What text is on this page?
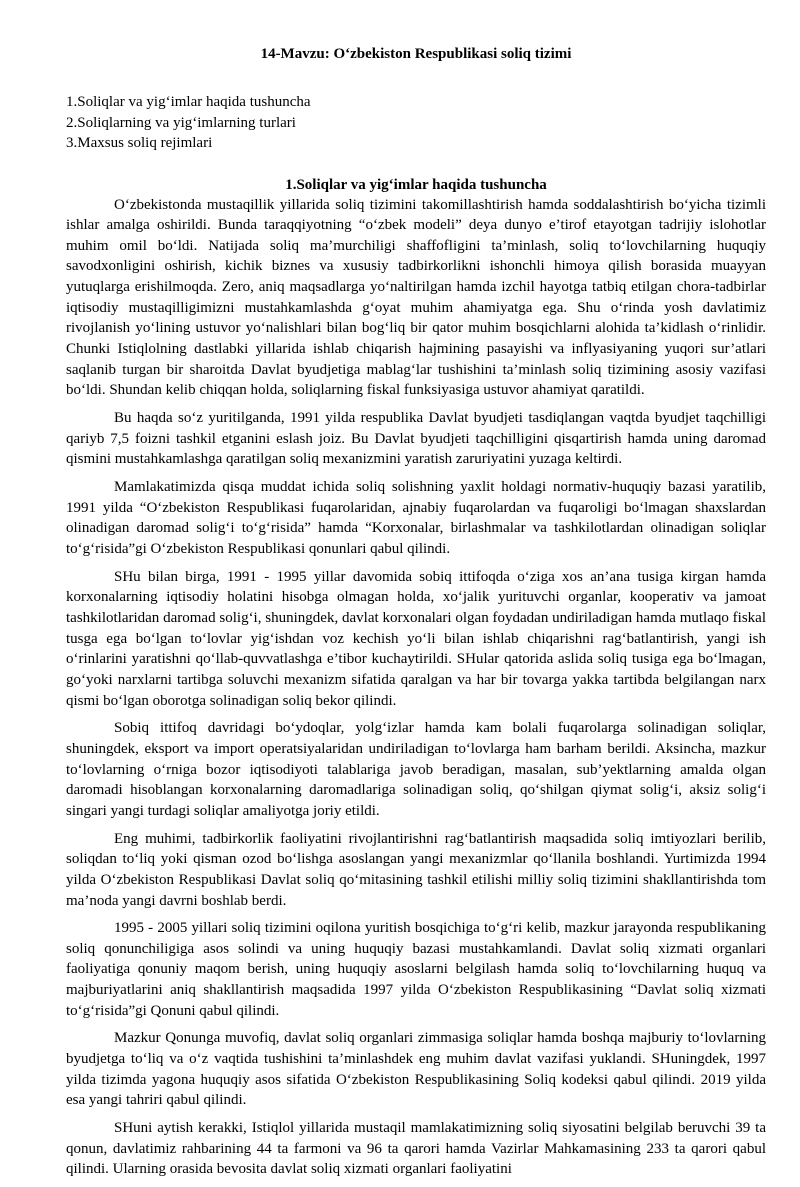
14-Mavzu: O‘zbekiston Respublikasi soliq tizimi
1.Soliqlar va yig‘imlar haqida tushuncha
2.Soliqlarning va yig‘imlarning turlari
3.Maxsus soliq rejimlari
1.Soliqlar va yig‘imlar haqida tushuncha

O‘zbekistonda mustaqillik yillarida soliq tizimini takomillashtirish hamda soddalashtirish bo‘yicha tizimli ishlar amalga oshirildi. Bunda taraqqiyotning “o‘zbek modeli” deya dunyo e’tirof etayotgan tadrijiy islohotlar muhim omil bo‘ldi. Natijada soliq ma’murchiligi shaffofligini ta’minlash, soliq to‘lovchilarning huquqiy savodxonligini oshirish, kichik biznes va xususiy tadbirkorlikni ishonchli himoya qilish borasida muayyan yutuqlarga erishilmoqda. Zero, aniq maqsadlarga yo‘naltirilgan hamda izchil hayotga tatbiq etilgan chora-tadbirlar iqtisodiy mustaqilligimizni mustahkamlashda g‘oyat muhim ahamiyatga ega. Shu o‘rinda yosh davlatimiz rivojlanish yo‘lining ustuvor yo‘nalishlari bilan bog‘liq bir qator muhim bosqichlarni alohida ta’kidlash o‘rinlidir. Chunki Istiqlolning dastlabki yillarida ishlab chiqarish hajmining pasayishi va inflyasiyaning yuqori sur’atlari saqlanib turgan bir sharoitda Davlat byudjetiga mablag‘lar tushishini ta’minlash soliq tizimining asosiy vazifasi bo‘ldi. Shundan kelib chiqqan holda, soliqlarning fiskal funksiyasiga ustuvor ahamiyat qaratildi.

Bu haqda so‘z yuritilganda, 1991 yilda respublika Davlat byudjeti tasdiqlangan vaqtda byudjet taqchilligi qariyb 7,5 foizni tashkil etganini eslash joiz. Bu Davlat byudjeti taqchilligini qisqartirish hamda uning daromad qismini mustahkamlashga qaratilgan soliq mexanizmini yaratish zaruriyatini yuzaga keltirdi.

Mamlakatimizda qisqa muddat ichida soliq solishning yaxlit holdagi normativ-huquqiy bazasi yaratilib, 1991 yilda “O‘zbekiston Respublikasi fuqarolaridan, ajnabiy fuqarolardan va fuqaroligi bo‘lmagan shaxslardan olinadigan daromad solig‘i to‘g‘risida” hamda “Korxonalar, birlashmalar va tashkilotlardan olinadigan soliqlar to‘g‘risida”gi O‘zbekiston Respublikasi qonunlari qabul qilindi.

SHu bilan birga, 1991 - 1995 yillar davomida sobiq ittifoqda o‘ziga xos an’ana tusiga kirgan hamda korxonalarning iqtisodiy holatini hisobga olmagan holda, xo‘jalik yurituvchi organlar, kooperativ va jamoat tashkilotlaridan daromad solig‘i, shuningdek, davlat korxonalari olgan foydadan undiriladigan hamda mutlaqo fiskal tusga ega bo‘lgan to‘lovlar yig‘ishdan voz kechish yo‘li bilan ishlab chiqarishni rag‘batlantirish, yangi ish o‘rinlarini yaratishni qo‘llab-quvvatlashga e’tibor kuchaytirildi. SHular qatorida aslida soliq tusiga ega bo‘lmagan, go‘yoki narxlarni tartibga soluvchi mexanizm sifatida qaralgan va har bir tovarga yakka tartibda belgilangan narx qismi bo‘lgan oborotga solinadigan soliq bekor qilindi.

Sobiq ittifoq davridagi bo‘ydoqlar, yolg‘izlar hamda kam bolali fuqarolarga solinadigan soliqlar, shuningdek, eksport va import operatsiyalaridan undiriladigan to‘lovlarga ham barham berildi. Aksincha, mazkur to‘lovlarning o‘rniga bozor iqtisodiyoti talablariga javob beradigan, masalan, sub’yektlarning amalda olgan daromadi hisoblangan korxonalarning daromadlariga solinadigan soliq, qo‘shilgan qiymat solig‘i, aksiz solig‘i singari yangi turdagi soliqlar amaliyotga joriy etildi.

Eng muhimi, tadbirkorlik faoliyatini rivojlantirishni rag‘batlantirish maqsadida soliq imtiyozlari berilib, soliqdan to‘liq yoki qisman ozod bo‘lishga asoslangan yangi mexanizmlar qo‘llanila boshlandi. Yurtimizda 1994 yilda O‘zbekiston Respublikasi Davlat soliq qo‘mitasining tashkil etilishi milliy soliq tizimini shakllantirishda tom ma’noda yangi davrni boshlab berdi.

1995 - 2005 yillari soliq tizimini oqilona yuritish bosqichiga to‘g‘ri kelib, mazkur jarayonda respublikaning soliq qonunchiligiga asos solindi va uning huquqiy bazasi mustahkamlandi. Davlat soliq xizmati organlari faoliyatiga qonuniy maqom berish, uning huquqiy asoslarni belgilash hamda soliq to‘lovchilarning huquq va majburiyatlarini aniq shakllantirish maqsadida 1997 yilda O‘zbekiston Respublikasining “Davlat soliq xizmati to‘g‘risida”gi Qonuni qabul qilindi.

Mazkur Qonunga muvofiq, davlat soliq organlari zimmasiga soliqlar hamda boshqa majburiy to‘lovlarning byudjetga to‘liq va o‘z vaqtida tushishini ta’minlashdek eng muhim davlat vazifasi yuklandi. SHuningdek, 1997 yilda tizimda yagona huquqiy asos sifatida O‘zbekiston Respublikasining Soliq kodeksi qabul qilindi. 2019 yilda esa yangi tahriri qabul qilindi.

SHuni aytish kerakki, Istiqlol yillarida mustaqil mamlakatimizning soliq siyosatini belgilab beruvchi 39 ta qonun, davlatimiz rahbarining 44 ta farmoni va 96 ta qarori hamda Vazirlar Mahkamasining 233 ta qarori qabul qilindi. Ularning orasida bevosita davlat soliq xizmati organlari faoliyatini
